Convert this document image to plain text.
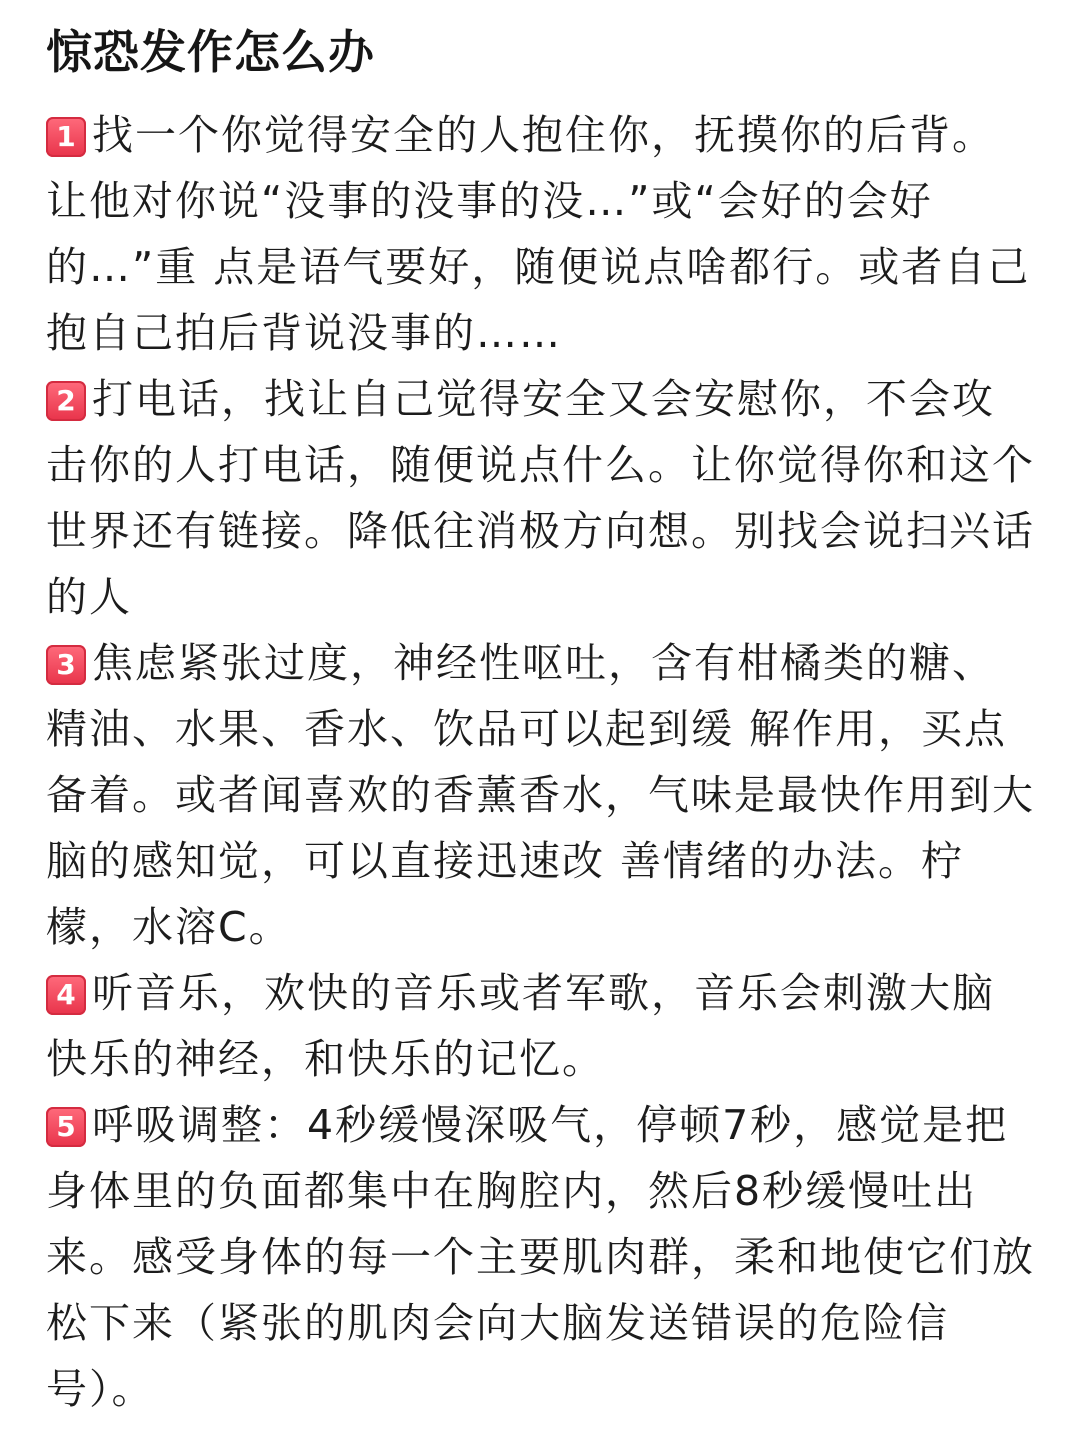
惊恐发作怎么办

1 找一个你觉得安全的人抱住你，抚摸你的后背。让他对你说“没事的没事的没…”或“会好的会好的…”重 点是语气要好，随便说点啥都行。或者自己抱自己拍后背说没事的……

2 打电话，找让自己觉得安全又会安慰你，不会攻击你的人打电话，随便说点什么。让你觉得你和这个世界还有链接。降低往消极方向想。别找会说扫兴话的人

3 焦虑紧张过度，神经性呕吐，含有柑橘类的糖、精油、水果、香水、饮品可以起到缓 解作用，买点备着。或者闻喜欢的香薰香水，气味是最快作用到大脑的感知觉，可以直接迅速改 善情绪的办法。柠檬，水溶C。

4 听音乐，欢快的音乐或者军歌，音乐会刺激大脑 快乐的神经，和快乐的记忆。

5 呼吸调整：4秒缓慢深吸气，停顿7秒，感觉是把身体里的负面都集中在胸腔内，然后8秒缓慢吐出来。感受身体的每一个主要肌肉群，柔和地使它们放松下来（紧张的肌肉会向大脑发送错误的危险信号）。
